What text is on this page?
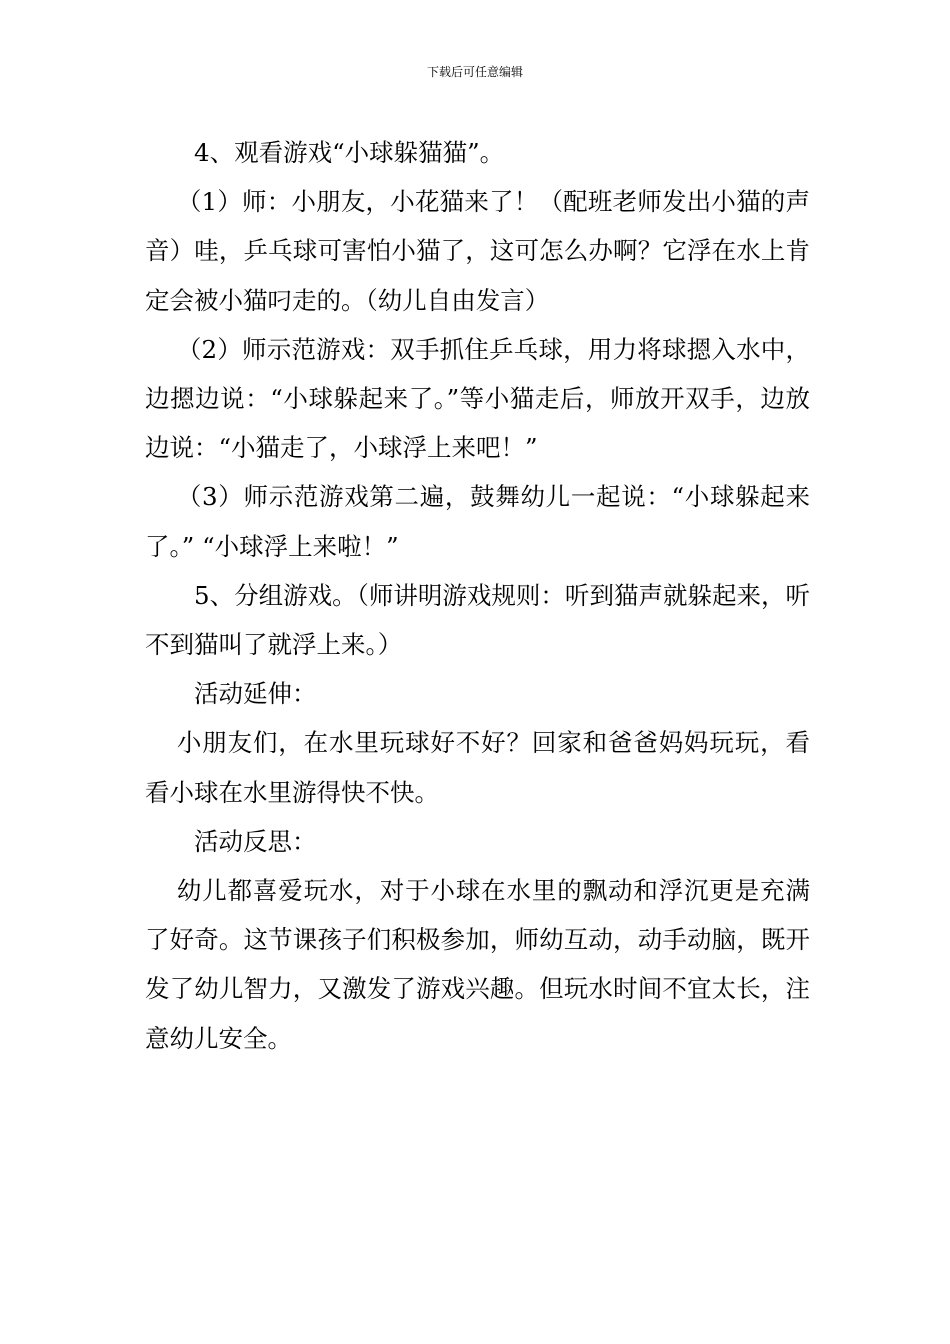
下载后可任意编辑

4、观看游戏“小球躲猫猫”。

（1）师：小朋友，小花猫来了！（配班老师发出小猫的声音）哇，乒乓球可害怕小猫了，这可怎么办啊？它浮在水上肯定会被小猫叼走的。（幼儿自由发言）

（2）师示范游戏：双手抓住乒乓球，用力将球摁入水中，边摁边说：“小球躲起来了。”等小猫走后，师放开双手，边放边说：“小猫走了，小球浮上来吧！”

（3）师示范游戏第二遍，鼓舞幼儿一起说：“小球躲起来了。” “小球浮上来啦！”

5、分组游戏。（师讲明游戏规则：听到猫声就躲起来，听不到猫叫了就浮上来。）

活动延伸：

小朋友们，在水里玩球好不好？回家和爸爸妈妈玩玩，看看小球在水里游得快不快。

活动反思：

幼儿都喜爱玩水，对于小球在水里的飘动和浮沉更是充满了好奇。这节课孩子们积极参加，师幼互动，动手动脑，既开发了幼儿智力，又激发了游戏兴趣。但玩水时间不宜太长，注意幼儿安全。
